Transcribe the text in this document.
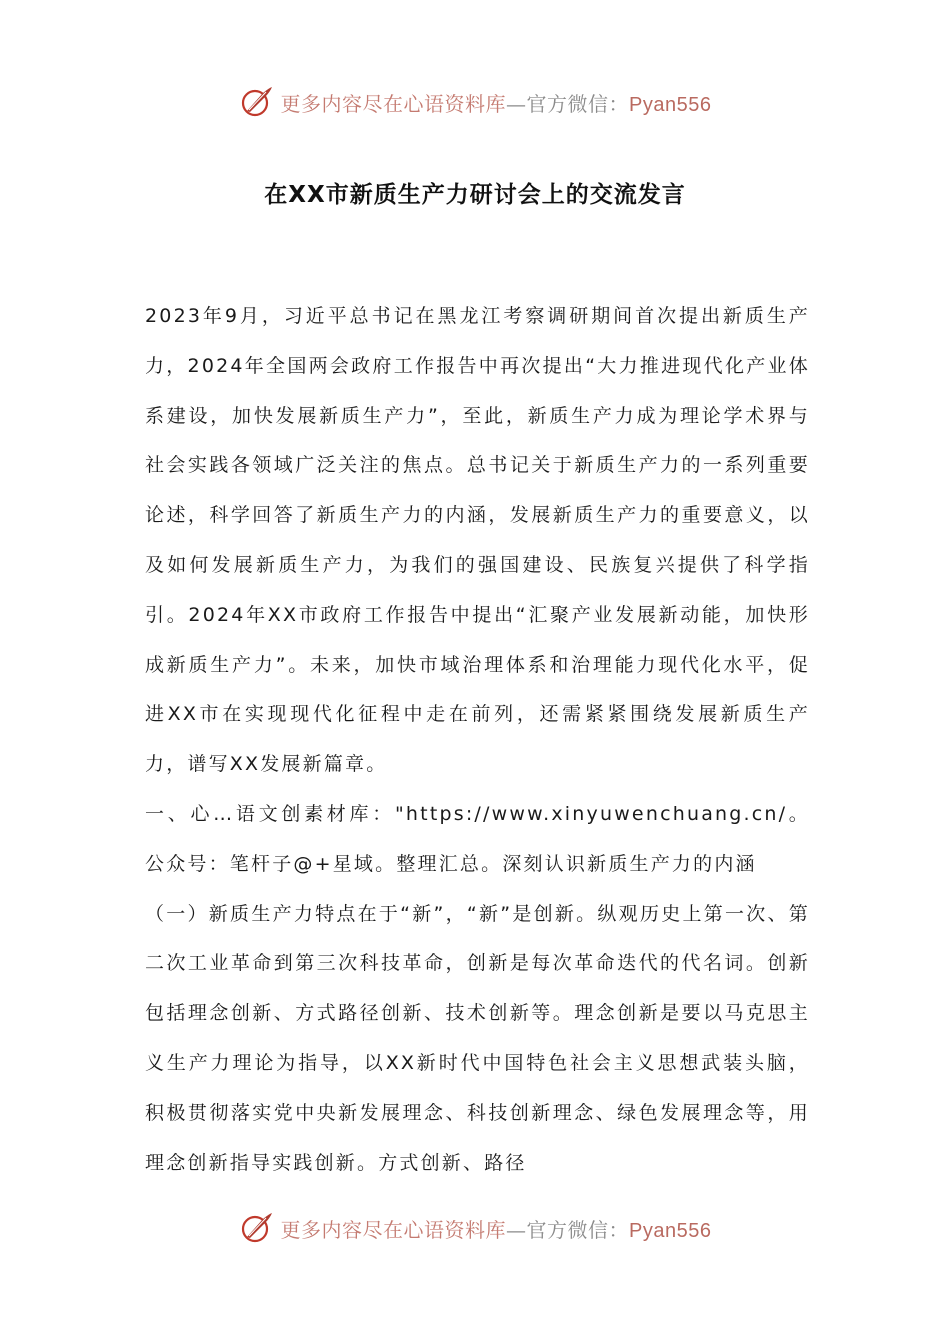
更多内容尽在心语资料库—官方微信：Pyan556
在XX市新质生产力研讨会上的交流发言

2023年9月，习近平总书记在黑龙江考察调研期间首次提出新质生产力，2024年全国两会政府工作报告中再次提出“大力推进现代化产业体系建设，加快发展新质生产力”，至此，新质生产力成为理论学术界与社会实践各领域广泛关注的焦点。总书记关于新质生产力的一系列重要论述，科学回答了新质生产力的内涵，发展新质生产力的重要意义，以及如何发展新质生产力，为我们的强国建设、民族复兴提供了科学指引。2024年XX市政府工作报告中提出“汇聚产业发展新动能，加快形成新质生产力”。未来，加快市域治理体系和治理能力现代化水平，促进XX市在实现现代化征程中走在前列，还需紧紧围绕发展新质生产力，谱写XX发展新篇章。

一、心…语文创素材库："https://www.xinyuwenchuang.cn/。公众号：笔杆子@+星域。整理汇总。深刻认识新质生产力的内涵

（一）新质生产力特点在于“新”，“新”是创新。纵观历史上第一次、第二次工业革命到第三次科技革命，创新是每次革命迭代的代名词。创新包括理念创新、方式路径创新、技术创新等。理念创新是要以马克思主义生产力理论为指导，以XX新时代中国特色社会主义思想武装头脑，积极贯彻落实党中央新发展理念、科技创新理念、绿色发展理念等，用理念创新指导实践创新。方式创新、路径

更多内容尽在心语资料库—官方微信：Pyan556
